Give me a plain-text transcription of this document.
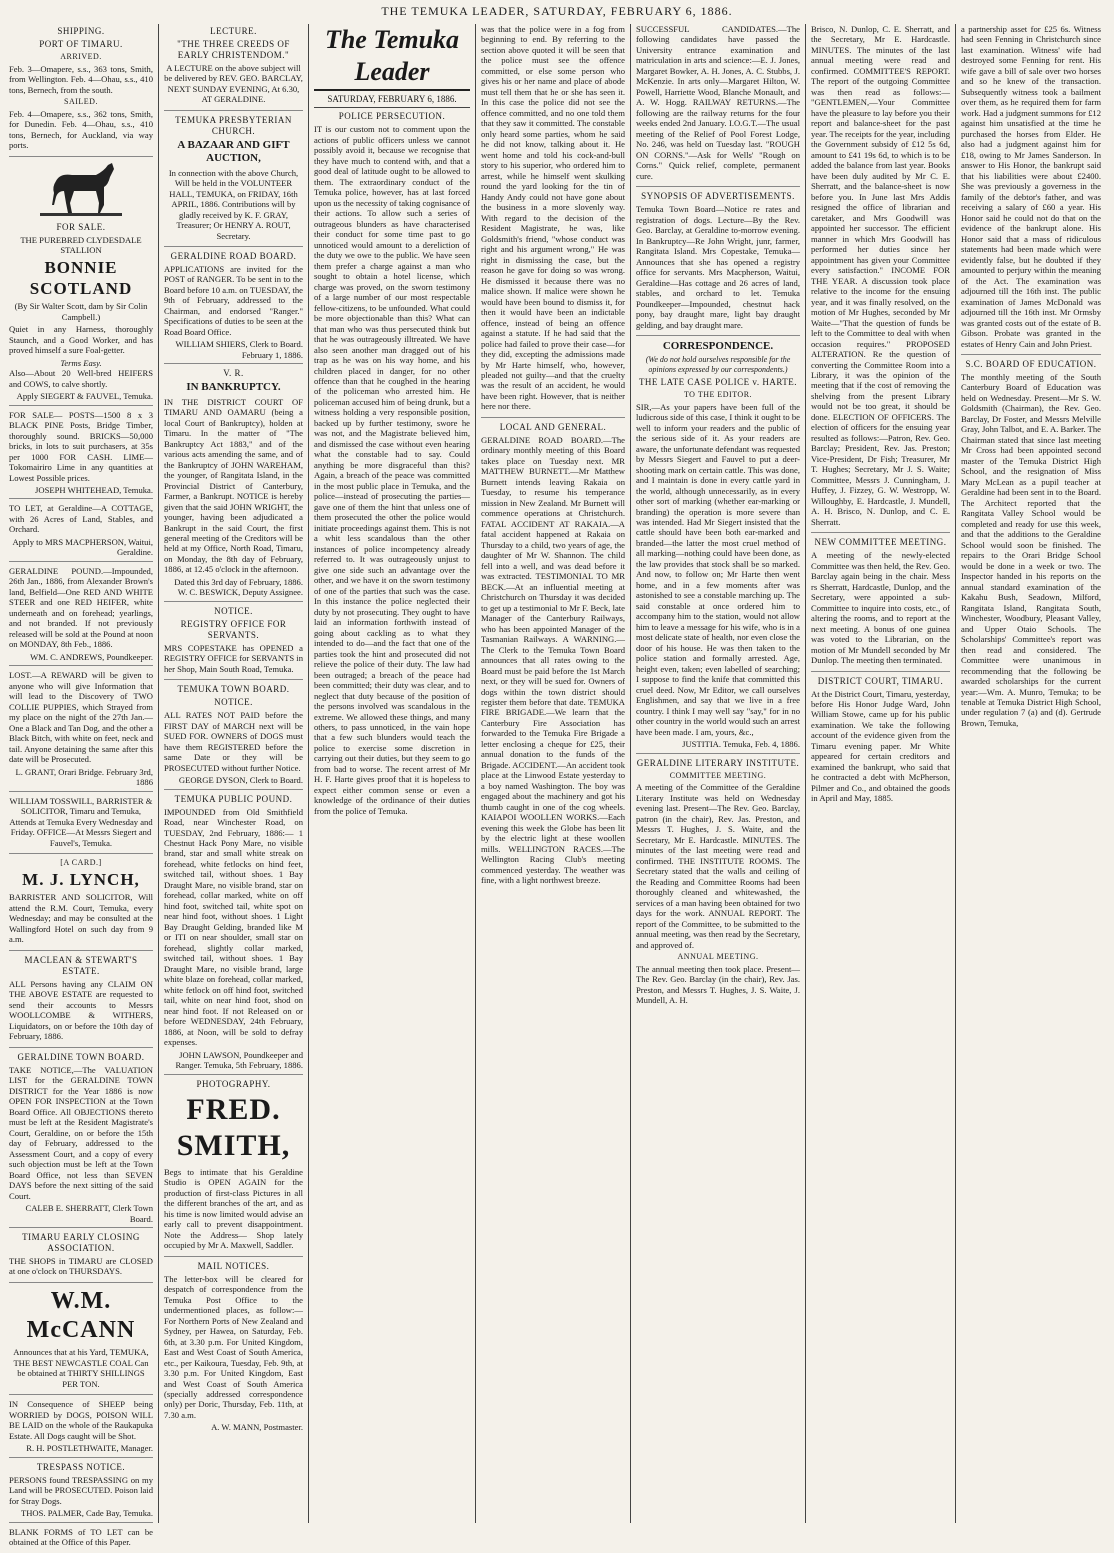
THE TEMUKA LEADER, SATURDAY, FEBRUARY 6, 1886.
SHIPPING.
PORT OF TIMARU.
ARRIVED.

Feb. 3—Omapere, s.s., 363 tons, Smith, from Wellington. Feb. 4—Ohau, s.s., 410 tons, Bernech, from the south.

SAILED.

Feb. 4—Omapere, s.s., 362 tons, Smith, for Dunedin. Feb. 4—Ohau, s.s., 410 tons, Bernech, for Auckland, via way ports.

FOR SALE.

THE PUREBRED CLYDESDALE STALLION

BONNIE SCOTLAND

(By Sir Walter Scott, dam by Sir Colin Campbell.)

Quiet in any Harness, thoroughly Staunch, and a Good Worker, and has proved himself a sure Foal-getter.

Terms Easy.

Also—About 20 Well-bred HEIFERS and COWS, to calve shortly.

Apply SIEGERT & FAUVEL, Temuka.

FOR SALE— POSTS—1500 8 x 3 BLACK PINE Posts, Bridge Timber, thoroughly sound. BRICKS—50,000 bricks, in lots to suit purchasers, at 35s per 1000 FOR CASH. LIME—Tokomairiro Lime in any quantities at Lowest Possible prices.

JOSEPH WHITEHEAD, Temuka.

TO LET, at Geraldine—A COTTAGE, with 26 Acres of Land, Stables, and Orchard.

Apply to MRS MACPHERSON, Waitui, Geraldine.

GERALDINE POUND.—Impounded, 26th Jan., 1886, from Alexander Brown's land, Belfield—One RED AND WHITE STEER and one RED HEIFER, white underneath and on forehead; yearlings, and not branded. If not previously released will be sold at the Pound at noon on MONDAY, 8th Feb., 1886.

WM. C. ANDREWS, Poundkeeper.

LOST.—A REWARD will be given to anyone who will give Information that will lead to the Discovery of TWO COLLIE PUPPIES, which Strayed from my place on the night of the 27th Jan.—One a Black and Tan Dog, and the other a Black Bitch, with white on feet, neck and tail. Anyone detaining the same after this date will be Prosecuted.

L. GRANT, Orari Bridge. February 3rd, 1886

WILLIAM TOSSWILL, BARRISTER & SOLICITOR, Timaru and Temuka, Attends at Temuka Every Wednesday and Friday. OFFICE—At Messrs Siegert and Fauvel's, Temuka.

[A CARD.]
M. J. LYNCH,

BARRISTER AND SOLICITOR, Will attend the R.M. Court, Temuka, every Wednesday; and may be consulted at the Wallingford Hotel on such day from 9 a.m.

MACLEAN & STEWART'S ESTATE.

ALL Persons having any CLAIM ON THE ABOVE ESTATE are requested to send their accounts to Messrs WOOLLCOMBE & WITHERS, Liquidators, on or before the 10th day of February, 1886.

GERALDINE TOWN BOARD.

TAKE NOTICE,—The VALUATION LIST for the GERALDINE TOWN DISTRICT for the Year 1886 is now OPEN FOR INSPECTION at the Town Board Office. All OBJECTIONS thereto must be left at the Resident Magistrate's Court, Geraldine, on or before the 15th day of February, addressed to the Assessment Court, and a copy of every such objection must be left at the Town Board Office, not less than SEVEN DAYS before the next sitting of the said Court.

CALEB E. SHERRATT, Clerk Town Board.
TIMARU EARLY CLOSING ASSOCIATION.

THE SHOPS in TIMARU are CLOSED at one o'clock on THURSDAYS.

W.M. McCANN

Announces that at his Yard, TEMUKA, THE BEST NEWCASTLE COAL Can be obtained at THIRTY SHILLINGS PER TON.

IN Consequence of SHEEP being WORRIED by DOGS, POISON WILL BE LAID on the whole of the Raukapuka Estate. All Dogs caught will be Shot.

R. H. POSTLETHWAITE, Manager.
TRESPASS NOTICE.

PERSONS found TRESPASSING on my Land will be PROSECUTED. Poison laid for Stray Dogs.

THOS. PALMER, Cade Bay, Temuka.

BLANK FORMS of TO LET can be obtained at the Office of this Paper.

LECTURE.
"THE THREE CREEDS OF EARLY CHRISTENDOM."

A LECTURE on the above subject will be delivered by REV. GEO. BARCLAY, NEXT SUNDAY EVENING, At 6.30, AT GERALDINE.

TEMUKA PRESBYTERIAN CHURCH.
A BAZAAR AND GIFT AUCTION,

In connection with the above Church, Will be held in the VOLUNTEER HALL, TEMUKA, on FRIDAY, 16th APRIL, 1886. Contributions will by gladly received by K. F. GRAY, Treasurer; Or HENRY A. ROUT, Secretary.

GERALDINE ROAD BOARD.

APPLICATIONS are invited for the POST of RANGER. To be sent in to the Board before 10 a.m. on TUESDAY, the 9th of February, addressed to the Chairman, and endorsed "Ranger." Specifications of duties to be seen at the Road Board Office.

WILLIAM SHIERS, Clerk to Board. February 1, 1886.
V. R.
IN BANKRUPTCY.

IN THE DISTRICT COURT OF TIMARU AND OAMARU (being a local Court of Bankruptcy), holden at Timaru. In the matter of "The Bankruptcy Act 1883," and of the various acts amending the same, and of the Bankruptcy of JOHN WAREHAM, the younger, of Rangitata Island, in the Provincial District of Canterbury, Farmer, a Bankrupt. NOTICE is hereby given that the said JOHN WRIGHT, the younger, having been adjudicated a Bankrupt in the said Court, the first general meeting of the Creditors will be held at my Office, North Road, Timaru, on Monday, the 8th day of February, 1886, at 12.45 o'clock in the afternoon.

Dated this 3rd day of February, 1886. W. C. BESWICK, Deputy Assignee.
NOTICE.
REGISTRY OFFICE FOR SERVANTS.

MRS COPESTAKE has OPENED a REGISTRY OFFICE for SERVANTS in her Shop, Main South Road, Temuka.

TEMUKA TOWN BOARD.
NOTICE.

ALL RATES NOT PAID before the FIRST DAY of MARCH next will be SUED FOR. OWNERS of DOGS must have them REGISTERED before the same Date or they will be PROSECUTED without further Notice.

GEORGE DYSON, Clerk to Board.
TEMUKA PUBLIC POUND.

IMPOUNDED from Old Smithfield Road, near Winchester Road, on TUESDAY, 2nd February, 1886:— 1 Chestnut Hack Pony Mare, no visible brand, star and small white streak on forehead, white fetlocks on hind feet, switched tail, without shoes. 1 Bay Draught Mare, no visible brand, star on forehead, collar marked, white on off hind foot, switched tail, white spot on near hind foot, without shoes. 1 Light Bay Draught Gelding, branded like M or ITI on near shoulder, small star on forehead, slightly collar marked, switched tail, without shoes. 1 Bay Draught Mare, no visible brand, large white blaze on forehead, collar marked, white fetlock on off hind foot, switched tail, white on near hind foot, shod on near hind foot. If not Released on or before WEDNESDAY, 24th February, 1886, at Noon, will be sold to defray expenses.

JOHN LAWSON, Poundkeeper and Ranger. Temuka, 5th February, 1886.
PHOTOGRAPHY.
FRED. SMITH,

Begs to intimate that his Geraldine Studio is OPEN AGAIN for the production of first-class Pictures in all the different branches of the art, and as his time is now limited would advise an early call to prevent disappointment. Note the Address— Shop lately occupied by Mr A. Maxwell, Saddler.

MAIL NOTICES.

The letter-box will be cleared for despatch of correspondence from the Temuka Post Office to the undermentioned places, as follow:— For Northern Ports of New Zealand and Sydney, per Hawea, on Saturday, Feb. 6th, at 3.30 p.m. For United Kingdom, East and West Coast of South America, etc., per Kaikoura, Tuesday, Feb. 9th, at 3.30 p.m. For United Kingdom, East and West Coast of South America (specially addressed correspondence only) per Doric, Thursday, Feb. 11th, at 7.30 a.m.

A. W. MANN, Postmaster.
The Temuka Leader
SATURDAY, FEBRUARY 6, 1886.
POLICE PERSECUTION.

IT is our custom not to comment upon the actions of public officers unless we cannot possibly avoid it, because we recognise that they have much to contend with, and that a good deal of latitude ought to be allowed to them. The extraordinary conduct of the Temuka police, however, has at last forced upon us the necessity of taking cognisance of their actions. To allow such a series of outrageous blunders as have characterised their conduct for some time past to go unnoticed would amount to a dereliction of the duty we owe to the public. We have seen them prefer a charge against a man who sought to obtain a hotel license, which charge was proved, on the sworn testimony of a large number of our most respectable fellow-citizens, to be unfounded. What could be more objectionable than this? What can that man who was thus persecuted think but that he was outrageously illtreated. We have also seen another man dragged out of his trap as he was on his way home, and his children placed in danger, for no other offence than that he coughed in the hearing of the policeman who arrested him. He policeman accused him of being drunk, but a witness holding a very responsible position, backed up by further testimony, swore he was not, and the Magistrate believed him, and dismissed the case without even hearing what the constable had to say. Could anything be more disgraceful than this? Again, a breach of the peace was committed in the most public place in Temuka, and the police—instead of prosecuting the parties—gave one of them the hint that unless one of them prosecuted the other the police would initiate proceedings against them. This is not a whit less scandalous than the other instances of police incompetency already referred to. It was outrageously unjust to give one side such an advantage over the other, and we have it on the sworn testimony of one of the parties that such was the case. In this instance the police neglected their duty by not prosecuting. They ought to have laid an information forthwith instead of going about cackling as to what they intended to do—and the fact that one of the parties took the hint and prosecuted did not relieve the police of their duty. The law had been outraged; a breach of the peace had been committed; their duty was clear, and to neglect that duty because of the position of the persons involved was scandalous in the extreme. We allowed these things, and many others, to pass unnoticed, in the vain hope that a few such blunders would teach the police to exercise some discretion in carrying out their duties, but they seem to go from bad to worse. The recent arrest of Mr H. F. Harte gives proof that it is hopeless to expect either common sense or even a knowledge of the ordinance of their duties from the police of Temuka.

was that the police were in a fog from beginning to end. By referring to the section above quoted it will be seen that the police must see the offence committed, or else some person who gives his or her name and place of abode must tell them that he or she has seen it. In this case the police did not see the offence committed, and no one told them that they saw it committed. The constable only heard some parties, whom he said he did not know, talking about it. He went home and told his cock-and-bull story to his superior, who ordered him to arrest, while he himself went skulking round the yard looking for the tin of Handy Andy could not have gone about the business in a more slovenly way. With regard to the decision of the Resident Magistrate, he was, like Goldsmith's friend, "whose conduct was right and his argument wrong," He was right in dismissing the case, but the reason he gave for doing so was wrong. He dismissed it because there was no malice shown. If malice were shown he would have been bound to dismiss it, for then it would have been an indictable offence, instead of being an offence against a statute. If he had said that the police had failed to prove their case—for they did, excepting the admissions made by Mr Harte himself, who, however, pleaded not guilty—and that the cruelty was the result of an accident, he would have been right. However, that is neither here nor there.

LOCAL AND GENERAL.

GERALDINE ROAD BOARD.—The ordinary monthly meeting of this Board takes place on Tuesday next. MR MATTHEW BURNETT.—Mr Matthew Burnett intends leaving Rakaia on Tuesday, to resume his temperance mission in New Zealand. Mr Burnett will commence operations at Christchurch. FATAL ACCIDENT AT RAKAIA.—A fatal accident happened at Rakaia on Thursday to a child, two years of age, the daughter of Mr W. Shannon. The child fell into a well, and was dead before it was extracted. TESTIMONIAL TO MR BECK.—At an influential meeting at Christchurch on Thursday it was decided to get up a testimonial to Mr F. Beck, late Manager of the Canterbury Railways, who has been appointed Manager of the Tasmanian Railways. A WARNING.—The Clerk to the Temuka Town Board announces that all rates owing to the Board must be paid before the 1st March next, or they will be sued for. Owners of dogs within the town district should register them before that date. TEMUKA FIRE BRIGADE.—We learn that the Canterbury Fire Association has forwarded to the Temuka Fire Brigade a letter enclosing a cheque for £25, their annual donation to the funds of the Brigade. ACCIDENT.—An accident took place at the Linwood Estate yesterday to a boy named Washington. The boy was engaged about the machinery and got his thumb caught in one of the cog wheels. KAIAPOI WOOLLEN WORKS.—Each evening this week the Globe has been lit by the electric light at these woollen mills. WELLINGTON RACES.—The Wellington Racing Club's meeting commenced yesterday. The weather was fine, with a light northwest breeze.

SUCCESSFUL CANDIDATES.—The following candidates have passed the University entrance examination and matriculation in arts and science:—E. J. Jones, Margaret Bowker, A. H. Jones, A. C. Stubbs, J. McKenzie. In arts only—Margaret Hilton, W. Powell, Harriette Wood, Blanche Monault, and A. W. Hogg. RAILWAY RETURNS.—The following are the railway returns for the four weeks ended 2nd January. I.O.G.T.—The usual meeting of the Relief of Pool Forest Lodge, No. 246, was held on Tuesday last. "ROUGH ON CORNS."—Ask for Wells' "Rough on Corns." Quick relief, complete, permanent cure.

SYNOPSIS OF ADVERTISEMENTS.

Temuka Town Board—Notice re rates and registration of dogs. Lecture—By the Rev. Geo. Barclay, at Geraldine to-morrow evening. In Bankruptcy—Re John Wright, junr, farmer, Rangitata Island. Mrs Copestake, Temuka—Announces that she has opened a registry office for servants. Mrs Macpherson, Waitui, Geraldine—Has cottage and 26 acres of land, stables, and orchard to let. Temuka Poundkeeper—Impounded, chestnut hack pony, bay draught mare, light bay draught gelding, and bay draught mare.

CORRESPONDENCE.

(We do not hold ourselves responsible for the opinions expressed by our correspondents.)

THE LATE CASE POLICE v. HARTE.
TO THE EDITOR.

SIR,—As your papers have been full of the ludicrous side of this case, I think it ought to be well to inform your readers and the public of the serious side of it. As your readers are aware, the unfortunate defendant was requested by Messrs Siegert and Fauvel to put a deer-shooting mark on certain cattle. This was done, and I maintain is done in every cattle yard in the world, although unnecessarily, as in every other sort of marking (whether ear-marking or branding) the operation is more severe than was intended. Had Mr Siegert insisted that the cattle should have been both ear-marked and branded—the latter the most cruel method of all marking—nothing could have been done, as the law provides that stock shall be so marked. And now, to follow on; Mr Harte then went home, and in a few moments after was astonished to see a constable marching up. The said constable at once ordered him to accompany him to the station, would not allow him to leave a message for his wife, who is in a most delicate state of health, nor even close the door of his house. He was then taken to the police station and formally arrested. Age, height even, taken; even labelled of searching; I suppose to find the knife that committed this cruel deed. Now, Mr Editor, we call ourselves Englishmen, and say that we live in a free country. I think I may well say "say," for in no other country in the world would such an arrest have been made. I am, yours, &c.,

JUSTITIA. Temuka, Feb. 4, 1886.
GERALDINE LITERARY INSTITUTE.
COMMITTEE MEETING.

A meeting of the Committee of the Geraldine Literary Institute was held on Wednesday evening last. Present—The Rev. Geo. Barclay, patron (in the chair), Rev. Jas. Preston, and Messrs T. Hughes, J. S. Waite, and the Secretary, Mr E. Hardcastle. MINUTES. The minutes of the last meeting were read and confirmed. THE INSTITUTE ROOMS. The Secretary stated that the walls and ceiling of the Reading and Committee Rooms had been thoroughly cleaned and whitewashed, the services of a man having been obtained for two days for the work. ANNUAL REPORT. The report of the Committee, to be submitted to the annual meeting, was then read by the Secretary, and approved of.

ANNUAL MEETING.

The annual meeting then took place. Present—The Rev. Geo. Barclay (in the chair), Rev. Jas. Preston, and Messrs T. Hughes, J. S. Waite, J. Mundell, A. H.

Brisco, N. Dunlop, C. E. Sherratt, and the Secretary, Mr E. Hardcastle. MINUTES. The minutes of the last annual meeting were read and confirmed. COMMITTEE'S REPORT. The report of the outgoing Committee was then read as follows:— "GENTLEMEN,—Your Committee have the pleasure to lay before you their report and balance-sheet for the past year. The receipts for the year, including the Government subsidy of £12 5s 6d, amount to £41 19s 6d, to which is to be added the balance from last year. Books have been duly audited by Mr C. E. Sherratt, and the balance-sheet is now before you. In June last Mrs Addis resigned the office of librarian and caretaker, and Mrs Goodwill was appointed her successor. The efficient manner in which Mrs Goodwill has performed her duties since her appointment has given your Committee every satisfaction." INCOME FOR THE YEAR. A discussion took place relative to the income for the ensuing year, and it was finally resolved, on the motion of Mr Hughes, seconded by Mr Waite—"That the question of funds be left to the Committee to deal with when occasion requires." PROPOSED ALTERATION. Re the question of converting the Committee Room into a Library, it was the opinion of the meeting that if the cost of removing the shelving from the present Library would not be too great, it should be done. ELECTION OF OFFICERS. The election of officers for the ensuing year resulted as follows:—Patron, Rev. Geo. Barclay; President, Rev. Jas. Preston; Vice-President, Dr Fish; Treasurer, Mr T. Hughes; Secretary, Mr J. S. Waite; Committee, Messrs J. Cunningham, J. Huffey, J. Fizzey, G. W. Westropp, W. Willoughby, E. Hardcastle, J. Mundell, A. H. Brisco, N. Dunlop, and C. E. Sherratt.

NEW COMMITTEE MEETING.

A meeting of the newly-elected Committee was then held, the Rev. Geo. Barclay again being in the chair. Mess rs Sherratt, Hardcastle, Dunlop, and the Secretary, were appointed a sub-Committee to inquire into costs, etc., of altering the rooms, and to report at the next meeting. A bonus of one guinea was voted to the Librarian, on the motion of Mr Mundell seconded by Mr Dunlop. The meeting then terminated.

DISTRICT COURT, TIMARU.

At the District Court, Timaru, yesterday, before His Honor Judge Ward, John William Stowe, came up for his public examination. We take the following account of the evidence given from the Timaru evening paper. Mr White appeared for certain creditors and examined the bankrupt, who said that he contracted a debt with McPherson, Pilmer and Co., and obtained the goods in April and May, 1885.

a partnership asset for £25 6s. Witness had seen Fenning in Christchurch since last examination. Witness' wife had destroyed some Fenning for rent. His wife gave a bill of sale over two horses and so he knew of the transaction. Subsequently witness took a bailment over them, as he required them for farm work. Had a judgment summons for £12 against him unsatisfied at the time he purchased the horses from Elder. He also had a judgment against him for £18, owing to Mr James Sanderson. In answer to His Honor, the bankrupt said that his liabilities were about £2400. She was previously a governess in the family of the debtor's father, and was receiving a salary of £60 a year. His Honor said he could not do that on the evidence of the bankrupt alone. His Honor said that a mass of ridiculous statements had been made which were evidently false, but he doubted if they amounted to perjury within the meaning of the Act. The examination was adjourned till the 16th inst. The public examination of James McDonald was adjourned till the 16th inst. Mr Ormsby was granted costs out of the estate of B. Gibson. Probate was granted in the estates of Henry Cain and John Priest.

S.C. BOARD OF EDUCATION.

The monthly meeting of the South Canterbury Board of Education was held on Wednesday. Present—Mr S. W. Goldsmith (Chairman), the Rev. Geo. Barclay, Dr Foster, and Messrs Melville Gray, John Talbot, and E. A. Barker. The Chairman stated that since last meeting Mr Cross had been appointed second master of the Temuka District High School, and the resignation of Miss Mary McLean as a pupil teacher at Geraldine had been sent in to the Board. The Architect reported that the Rangitata Valley School would be completed and ready for use this week, and that the additions to the Geraldine School would soon be finished. The repairs to the Orari Bridge School would be done in a week or two. The Inspector handed in his reports on the annual standard examination of the Kakahu Bush, Seadown, Milford, Rangitata Island, Rangitata South, Winchester, Woodbury, Pleasant Valley, and Upper Otaio Schools. The Scholarships' Committee's report was then read and considered. The Committee were unanimous in recommending that the following be awarded scholarships for the current year:—Wm. A. Munro, Temuka; to be tenable at Temuka District High School, under regulation 7 (a) and (d). Gertrude Brown, Temuka,
